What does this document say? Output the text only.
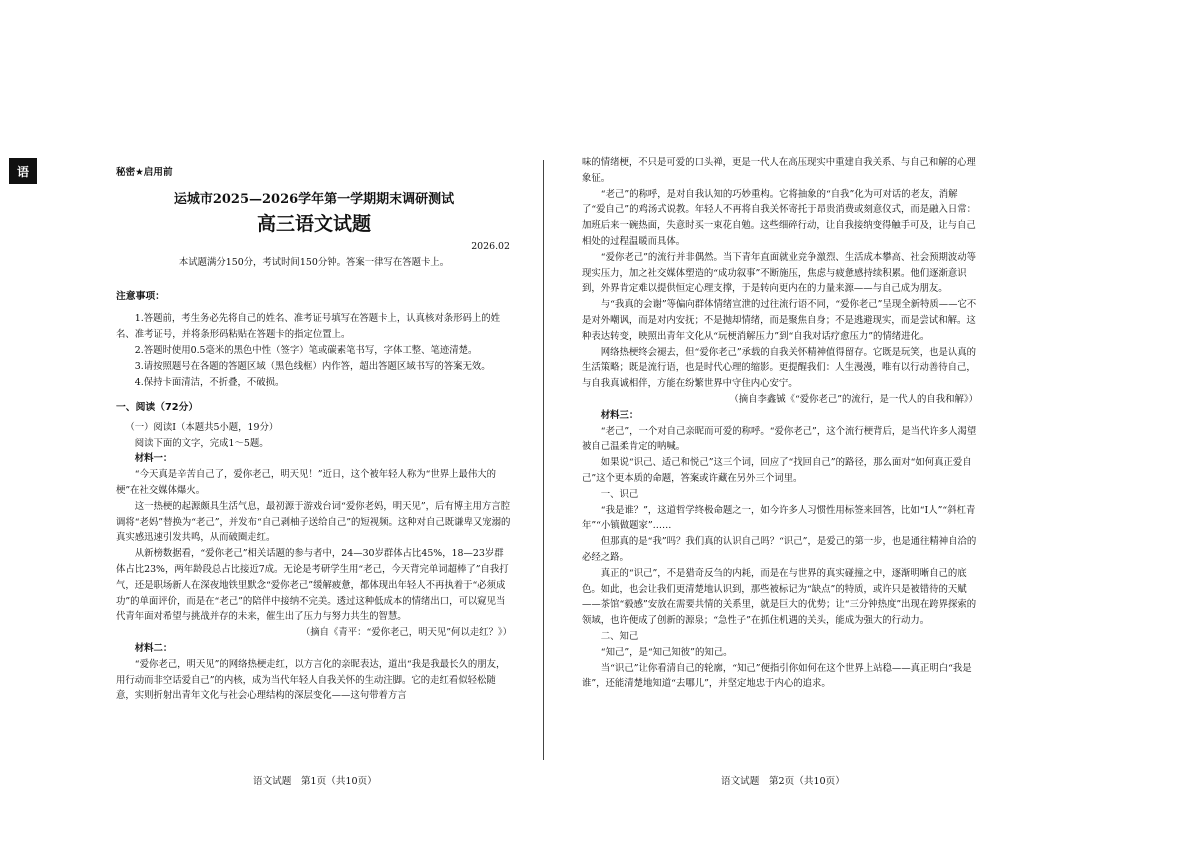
语	秘密★启用前

运城市2025—2026学年第一学期期末调研测试

高三语文试题

2026.02

本试题满分150分，考试时间150分钟。答案一律写在答题卡上。

注意事项：

1.答题前，考生务必先将自己的姓名、准考证号填写在答题卡上，认真核对条形码上的姓名、准考证号，并将条形码粘贴在答题卡的指定位置上。

2.答题时使用0.5毫米的黑色中性（签字）笔或碳素笔书写，字体工整、笔迹清楚。

3.请按照题号在各题的答题区域（黑色线框）内作答，超出答题区域书写的答案无效。

4.保持卡面清洁，不折叠，不破损。

一、阅读（72分）

（一）阅读Ⅰ（本题共5小题，19分）

阅读下面的文字，完成1～5题。

材料一：

“今天真是辛苦自己了，爱你老己，明天见！”近日，这个被年轻人称为“世界上最伟大的梗”在社交媒体爆火。

这一热梗的起源颇具生活气息，最初源于游戏台词“爱你老妈，明天见”，后有博主用方言腔调将“老妈”替换为“老己”，并发布“自己剥柚子送给自己”的短视频。这种对自己既谦卑又宠溺的真实感迅速引发共鸣，从而破圈走红。

从新榜数据看，“爱你老己”相关话题的参与者中，24—30岁群体占比45%，18—23岁群体占比23%，两年龄段总占比接近7成。无论是考研学生用“老己，今天背完单词超棒了”自我打气，还是职场新人在深夜地铁里默念“爱你老己”缓解疲惫，都体现出年轻人不再执着于“必须成功”的单面评价，而是在“老己”的陪伴中接纳不完美。透过这种低成本的情绪出口，可以窥见当代青年面对希望与挑战并存的未来，催生出了压力与努力共生的智慧。

（摘自《青平：“爱你老己，明天见”何以走红？》）

材料二：

“爱你老己，明天见”的网络热梗走红，以方言化的亲昵表达，道出“我是我最长久的朋友，用行动而非空话爱自己”的内核，成为当代年轻人自我关怀的生动注脚。它的走红看似轻松随意，实则折射出青年文化与社会心理结构的深层变化——这句带着方言

味的情绪梗，不只是可爱的口头禅，更是一代人在高压现实中重建自我关系、与自己和解的心理象征。

“老己”的称呼，是对自我认知的巧妙重构。它将抽象的“自我”化为可对话的老友，消解了“爱自己”的鸡汤式说教。年轻人不再将自我关怀寄托于昂贵消费或刻意仪式，而是融入日常：加班后来一碗热面，失意时买一束花自勉。这些细碎行动，让自我接纳变得触手可及，让与自己相处的过程温暖而具体。

“爱你老己”的流行并非偶然。当下青年直面就业竞争激烈、生活成本攀高、社会预期波动等现实压力，加之社交媒体塑造的“成功叙事”不断施压，焦虑与疲惫感持续积累。他们逐渐意识到，外界肯定难以提供恒定心理支撑，于是转向更内在的力量来源——与自己成为朋友。

与“我真的会谢”等偏向群体情绪宣泄的过往流行语不同，“爱你老己”呈现全新特质——它不是对外嘲讽，而是对内安抚；不是抛却情绪，而是聚焦自身；不是逃避现实，而是尝试和解。这种表达转变，映照出青年文化从“玩梗消解压力”到“自我对话疗愈压力”的情绪进化。

网络热梗终会褪去，但“爱你老己”承载的自我关怀精神值得留存。它既是玩笑，也是认真的生活策略；既是流行语，也是时代心理的缩影。更提醒我们：人生漫漫，唯有以行动善待自己，与自我真诚相伴，方能在纷繁世界中守住内心安宁。

（摘自李鑫铖《“爱你老己”的流行，是一代人的自我和解》）

材料三：

“老己”，一个对自己亲昵而可爱的称呼。“爱你老己”，这个流行梗背后，是当代许多人渴望被自己温柔肯定的呐喊。

如果说“识己、适己和悦己”这三个词，回应了“找回自己”的路径，那么面对“如何真正爱自己”这个更本质的命题，答案或许藏在另外三个词里。

一、识己

“我是谁？”，这道哲学终极命题之一，如今许多人习惯性用标签来回答，比如“I人”“斜杠青年”“小镇做题家”……

但那真的是“我”吗？我们真的认识自己吗？“识己”，是爱己的第一步，也是通往精神自洽的必经之路。

真正的“识己”，不是猎奇反刍的内耗，而是在与世界的真实碰撞之中，逐渐明晰自己的底色。如此，也会让我们更清楚地认识到，那些被标记为“缺点”的特质，或许只是被错待的天赋——茶馆“毅感”安放在需要共情的关系里，就是巨大的优势；让“三分钟热度”出现在跨界探索的领域，也许便成了创新的源泉；“急性子”在抓住机遇的关头，能成为强大的行动力。

二、知己

“知己”，是“知己知彼”的知己。

当“识己”让你看清自己的轮廓，“知己”便指引你如何在这个世界上站稳——真正明白“我是谁”，还能清楚地知道“去哪儿”，并坚定地忠于内心的追求。

语文试题　第1页（共10页）	语文试题　第2页（共10页）
